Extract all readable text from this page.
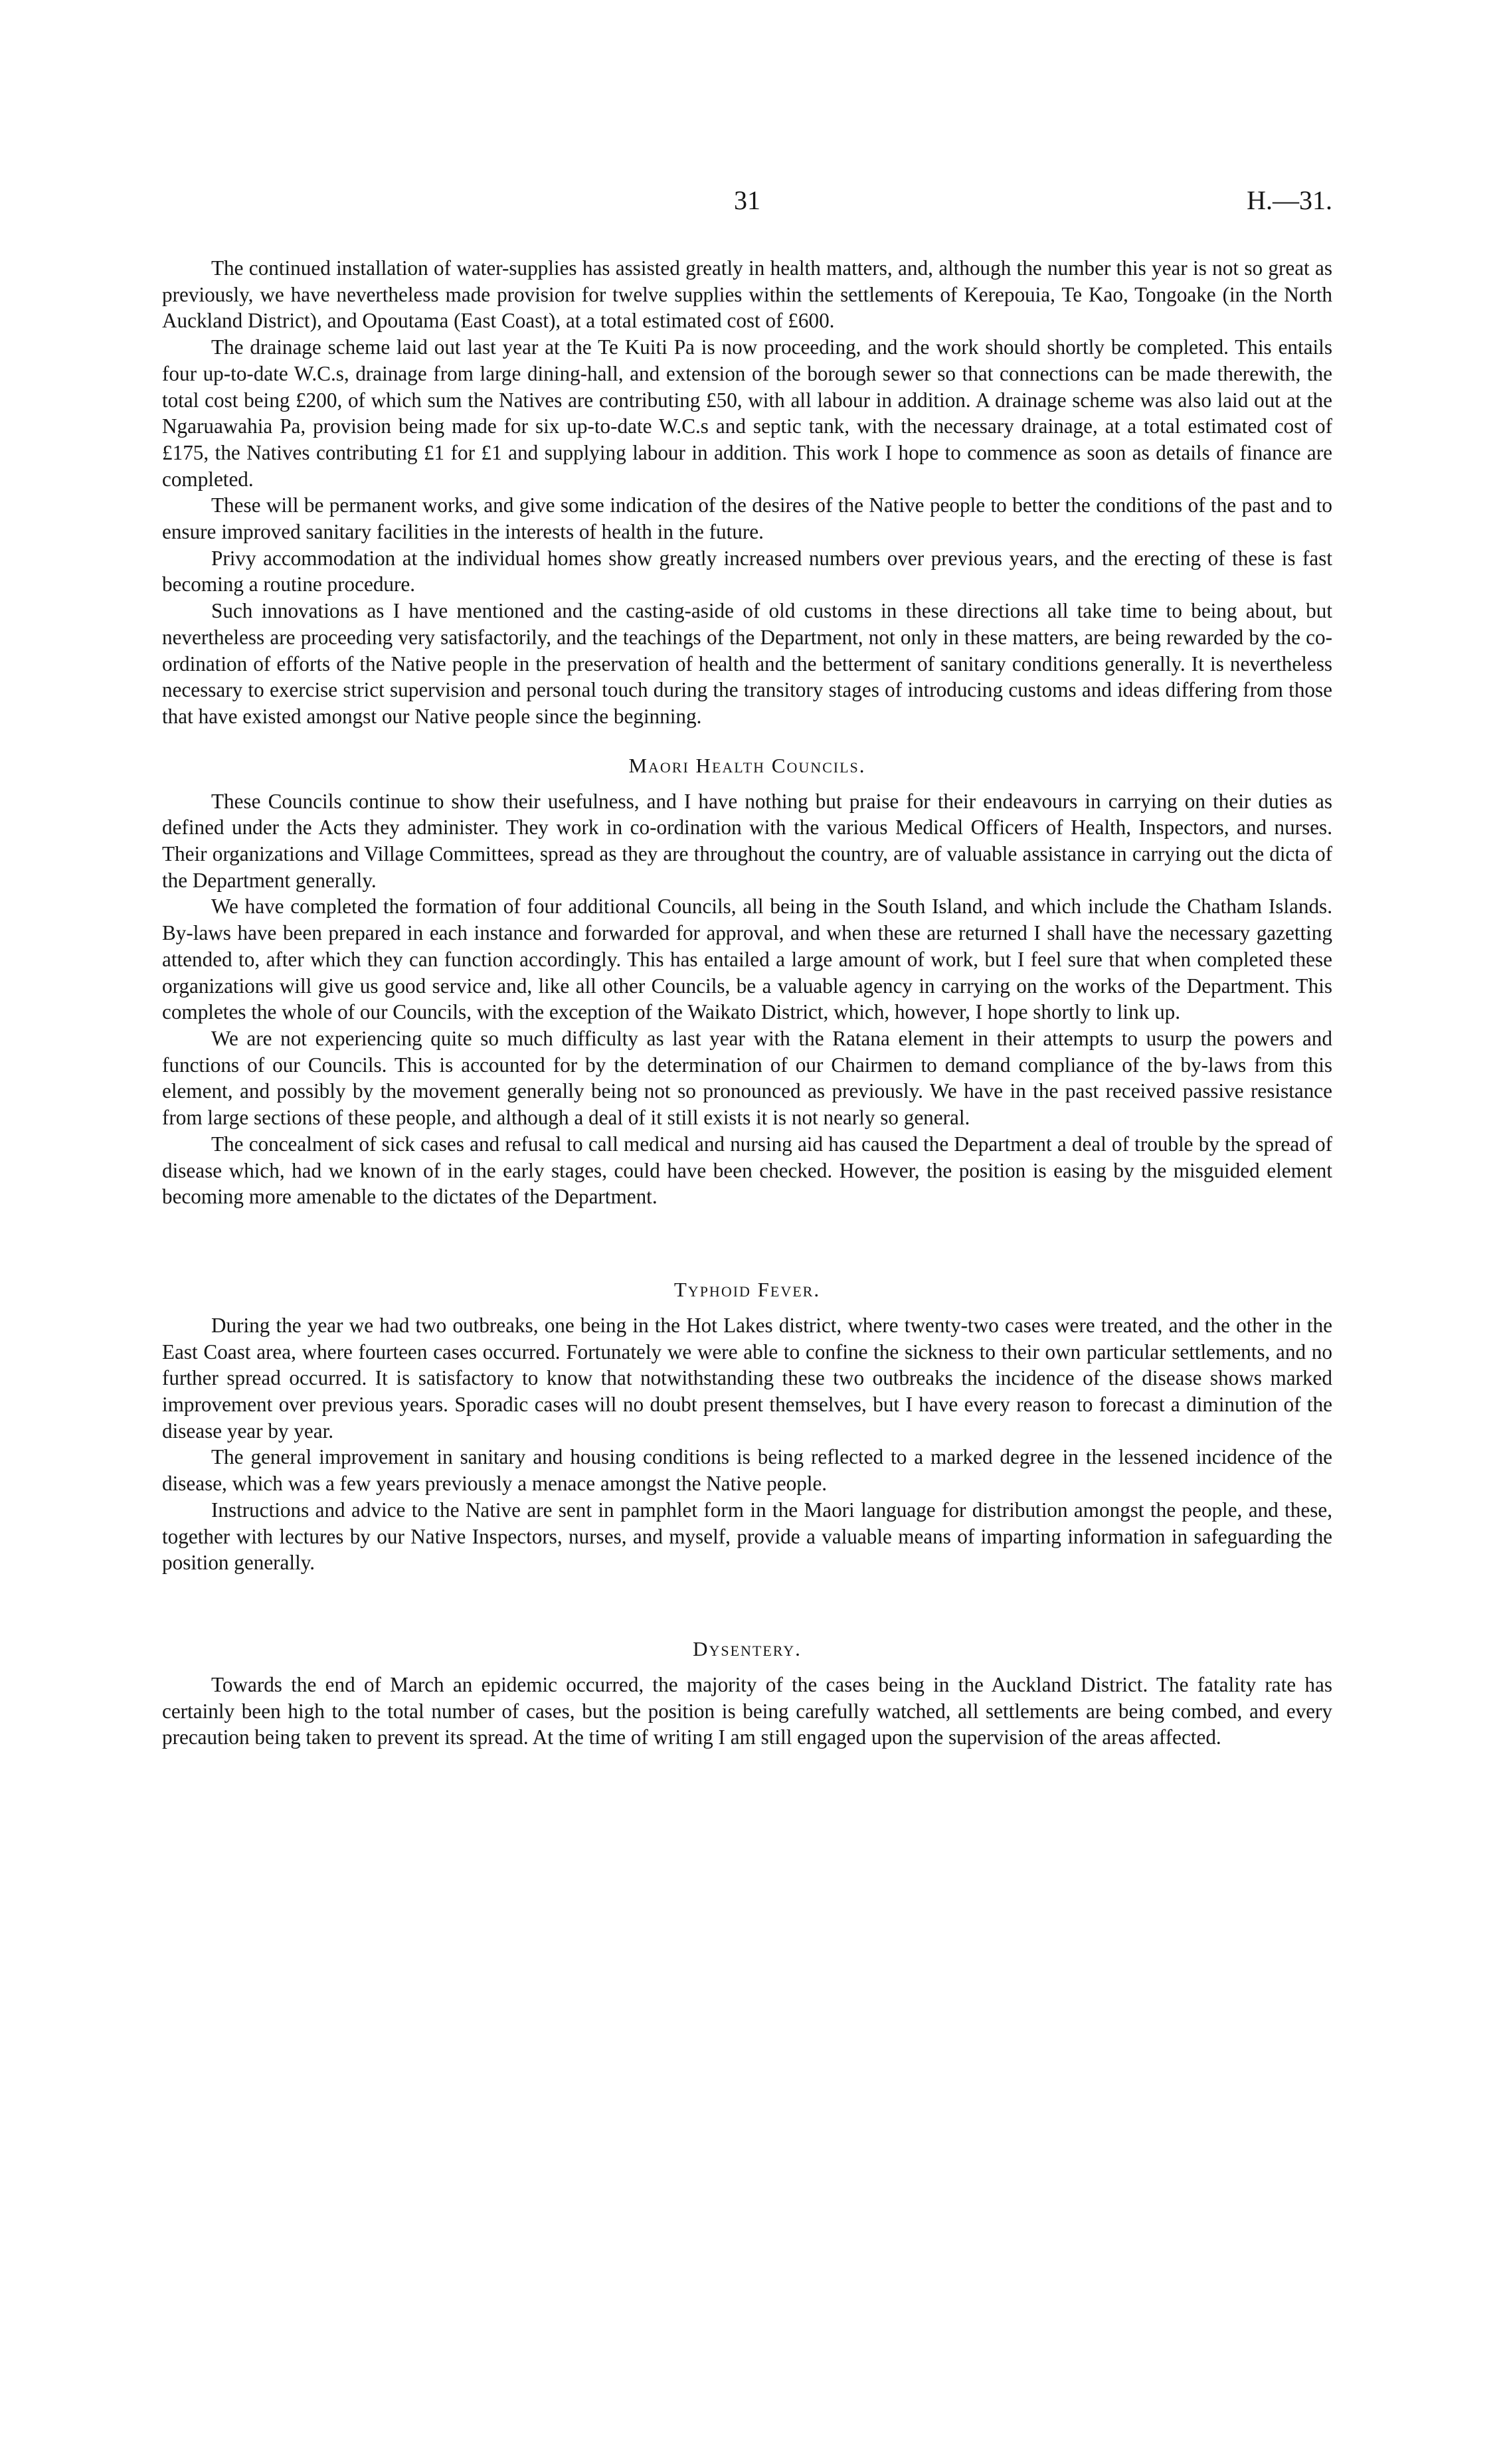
31	H.—31.

The continued installation of water-supplies has assisted greatly in health matters, and, although the number this year is not so great as previously, we have nevertheless made provision for twelve supplies within the settlements of Kerepouia, Te Kao, Tongoake (in the North Auckland District), and Opoutama (East Coast), at a total estimated cost of £600.

The drainage scheme laid out last year at the Te Kuiti Pa is now proceeding, and the work should shortly be completed. This entails four up-to-date W.C.s, drainage from large dining-hall, and extension of the borough sewer so that connections can be made therewith, the total cost being £200, of which sum the Natives are contributing £50, with all labour in addition. A drainage scheme was also laid out at the Ngaruawahia Pa, provision being made for six up-to-date W.C.s and septic tank, with the necessary drainage, at a total estimated cost of £175, the Natives contributing £1 for £1 and supplying labour in addition. This work I hope to commence as soon as details of finance are completed.

These will be permanent works, and give some indication of the desires of the Native people to better the conditions of the past and to ensure improved sanitary facilities in the interests of health in the future.

Privy accommodation at the individual homes show greatly increased numbers over previous years, and the erecting of these is fast becoming a routine procedure.

Such innovations as I have mentioned and the casting-aside of old customs in these directions all take time to being about, but nevertheless are proceeding very satisfactorily, and the teachings of the Department, not only in these matters, are being rewarded by the co-ordination of efforts of the Native people in the preservation of health and the betterment of sanitary conditions generally. It is nevertheless necessary to exercise strict supervision and personal touch during the transitory stages of introducing customs and ideas differing from those that have existed amongst our Native people since the beginning.

Maori Health Councils.

These Councils continue to show their usefulness, and I have nothing but praise for their endeavours in carrying on their duties as defined under the Acts they administer. They work in co-ordination with the various Medical Officers of Health, Inspectors, and nurses. Their organizations and Village Committees, spread as they are throughout the country, are of valuable assistance in carrying out the dicta of the Department generally.

We have completed the formation of four additional Councils, all being in the South Island, and which include the Chatham Islands. By-laws have been prepared in each instance and forwarded for approval, and when these are returned I shall have the necessary gazetting attended to, after which they can function accordingly. This has entailed a large amount of work, but I feel sure that when completed these organizations will give us good service and, like all other Councils, be a valuable agency in carrying on the works of the Department. This completes the whole of our Councils, with the exception of the Waikato District, which, however, I hope shortly to link up.

We are not experiencing quite so much difficulty as last year with the Ratana element in their attempts to usurp the powers and functions of our Councils. This is accounted for by the determination of our Chairmen to demand compliance of the by-laws from this element, and possibly by the movement generally being not so pronounced as previously. We have in the past received passive resistance from large sections of these people, and although a deal of it still exists it is not nearly so general.

The concealment of sick cases and refusal to call medical and nursing aid has caused the Department a deal of trouble by the spread of disease which, had we known of in the early stages, could have been checked. However, the position is easing by the misguided element becoming more amenable to the dictates of the Department.

Typhoid Fever.

During the year we had two outbreaks, one being in the Hot Lakes district, where twenty-two cases were treated, and the other in the East Coast area, where fourteen cases occurred. Fortunately we were able to confine the sickness to their own particular settlements, and no further spread occurred. It is satisfactory to know that notwithstanding these two outbreaks the incidence of the disease shows marked improvement over previous years. Sporadic cases will no doubt present themselves, but I have every reason to forecast a diminution of the disease year by year.

The general improvement in sanitary and housing conditions is being reflected to a marked degree in the lessened incidence of the disease, which was a few years previously a menace amongst the Native people.

Instructions and advice to the Native are sent in pamphlet form in the Maori language for distribution amongst the people, and these, together with lectures by our Native Inspectors, nurses, and myself, provide a valuable means of imparting information in safeguarding the position generally.

Dysentery.

Towards the end of March an epidemic occurred, the majority of the cases being in the Auckland District. The fatality rate has certainly been high to the total number of cases, but the position is being carefully watched, all settlements are being combed, and every precaution being taken to prevent its spread. At the time of writing I am still engaged upon the supervision of the areas affected.
